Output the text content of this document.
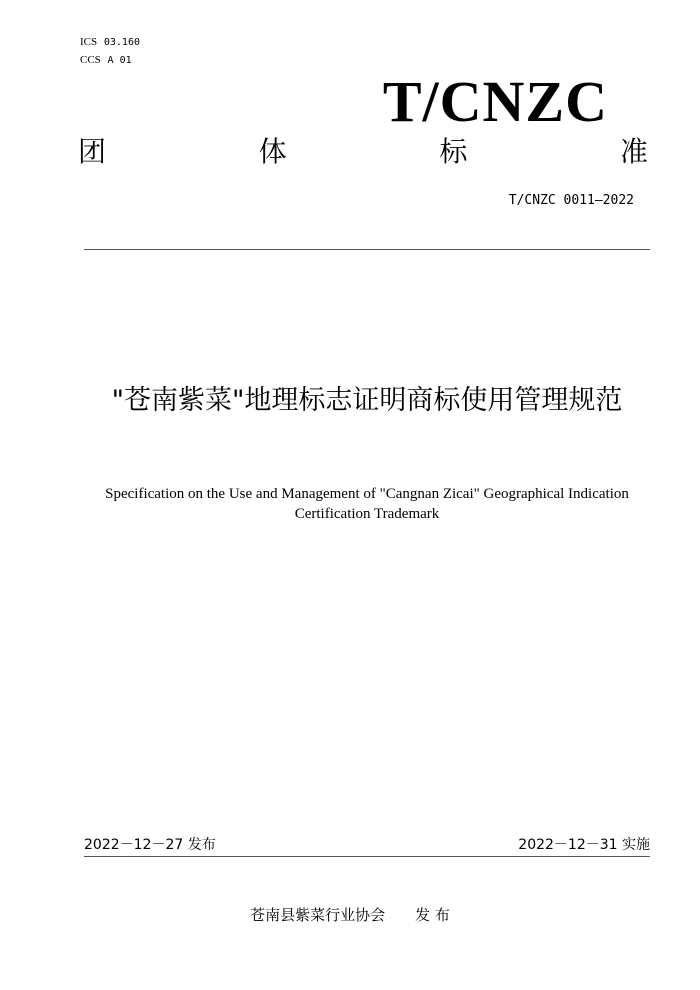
ICS 03.160
CCS A 01
T/CNZC
团	体	标	准
T/CNZC 0011—2022
"苍南紫菜"地理标志证明商标使用管理规范
Specification on the Use and Management of "Cangnan Zicai" Geographical Indication Certification Trademark
2022－12－27 发布	2022－12－31 实施
苍南县紫菜行业协会 发 布
